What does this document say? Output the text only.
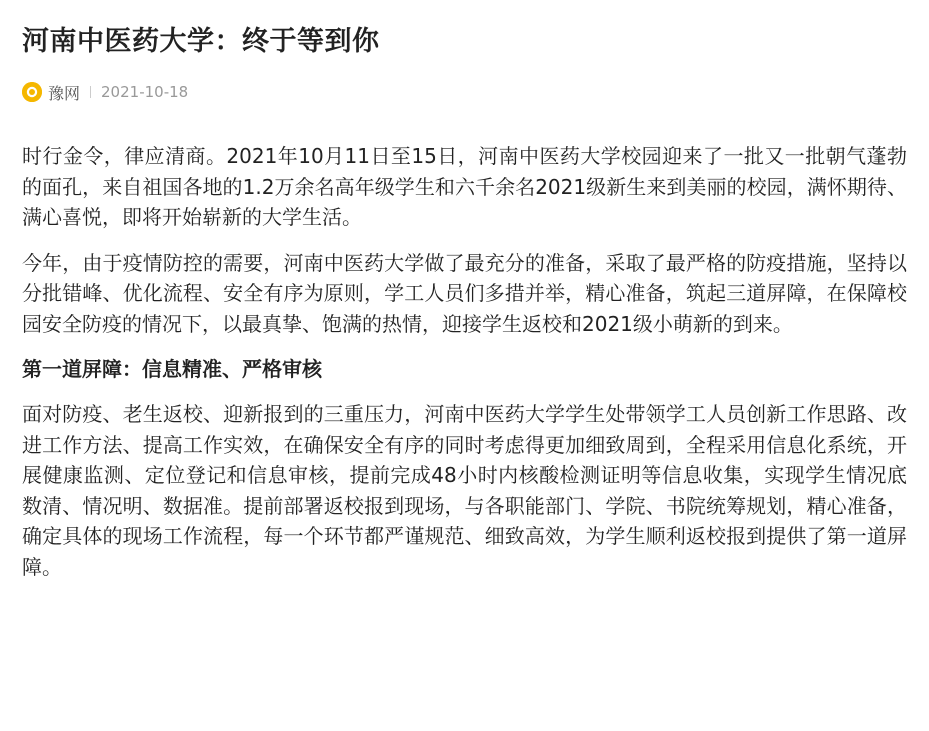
河南中医药大学：终于等到你
豫网 2021-10-18

时行金令，律应清商。2021年10月11日至15日，河南中医药大学校园迎来了一批又一批朝气蓬勃的面孔，来自祖国各地的1.2万余名高年级学生和六千余名2021级新生来到美丽的校园，满怀期待、满心喜悦，即将开始崭新的大学生活。

今年，由于疫情防控的需要，河南中医药大学做了最充分的准备，采取了最严格的防疫措施，坚持以分批错峰、优化流程、安全有序为原则，学工人员们多措并举，精心准备，筑起三道屏障，在保障校园安全防疫的情况下，以最真挚、饱满的热情，迎接学生返校和2021级小萌新的到来。

第一道屏障：信息精准、严格审核

面对防疫、老生返校、迎新报到的三重压力，河南中医药大学学生处带领学工人员创新工作思路、改进工作方法、提高工作实效，在确保安全有序的同时考虑得更加细致周到，全程采用信息化系统，开展健康监测、定位登记和信息审核，提前完成48小时内核酸检测证明等信息收集，实现学生情况底数清、情况明、数据准。提前部署返校报到现场，与各职能部门、学院、书院统筹规划，精心准备，确定具体的现场工作流程，每一个环节都严谨规范、细致高效，为学生顺利返校报到提供了第一道屏障。
